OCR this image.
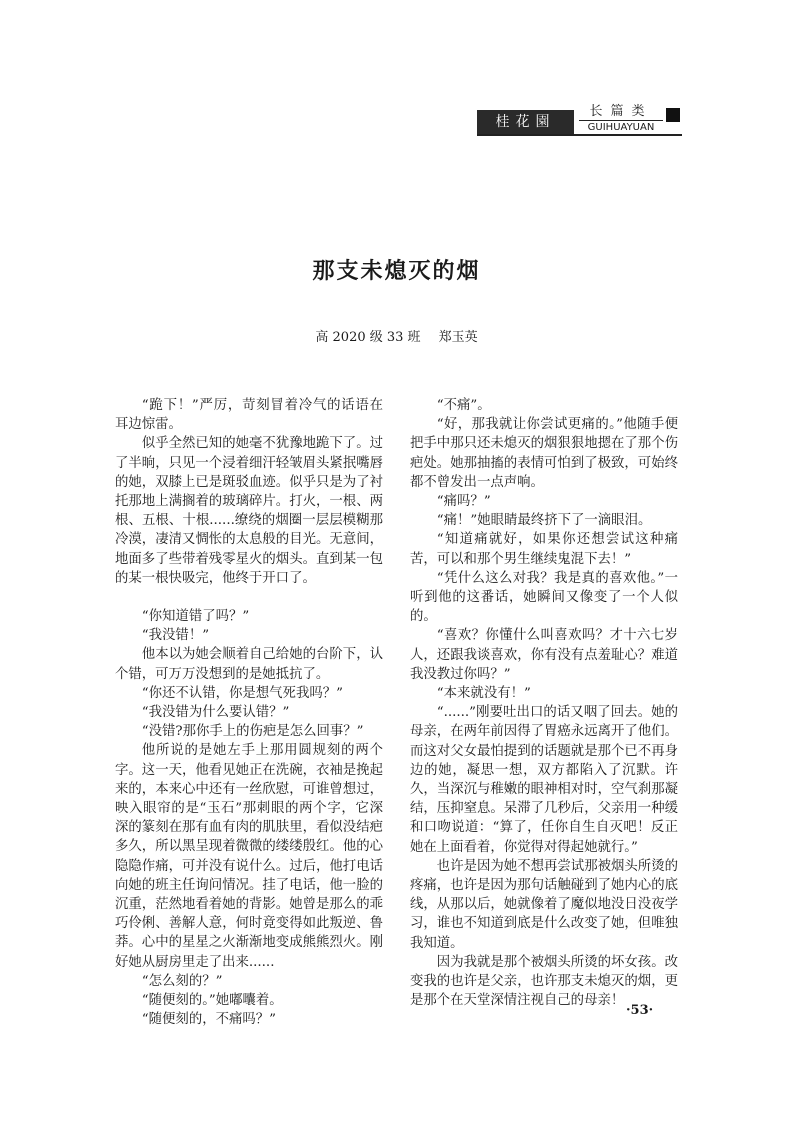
桂花園
长篇类
GUIHUAYUAN
那支未熄灭的烟
高 2020 级 33 班 郑玉英

“跪下！”严厉，苛刻冒着冷气的话语在耳边惊雷。

似乎全然已知的她毫不犹豫地跪下了。过了半晌，只见一个浸着细汗轻皱眉头紧抿嘴唇的她，双膝上已是斑驳血迹。似乎只是为了衬托那地上满搁着的玻璃碎片。打火，一根、两根、五根、十根......缭绕的烟圈一层层模糊那冷漠，凄清又惆怅的太息般的目光。无意间，地面多了些带着残零星火的烟头。直到某一包的某一根快吸完，他终于开口了。

“你知道错了吗？”

“我没错！”

他本以为她会顺着自己给她的台阶下，认个错，可万万没想到的是她抵抗了。

“你还不认错，你是想气死我吗？”

“我没错为什么要认错？”

“没错?那你手上的伤疤是怎么回事？”

他所说的是她左手上那用圆规刻的两个字。这一天，他看见她正在洗碗，衣袖是挽起来的，本来心中还有一丝欣慰，可谁曾想过，映入眼帘的是“玉石”那刺眼的两个字，它深深的篆刻在那有血有肉的肌肤里，看似没结疤多久，所以黑呈现着微微的缕缕殷红。他的心隐隐作痛，可并没有说什么。过后，他打电话向她的班主任询问情况。挂了电话，他一脸的沉重，茫然地看着她的背影。她曾是那么的乖巧伶俐、善解人意，何时竟变得如此叛逆、鲁莽。心中的星星之火渐渐地变成熊熊烈火。刚好她从厨房里走了出来......

“怎么刻的？”

“随便刻的。”她嘟囔着。

“随便刻的，不痛吗？”

“不痛”。

“好，那我就让你尝试更痛的。”他随手便把手中那只还未熄灭的烟狠狠地摁在了那个伤疤处。她那抽搐的表情可怕到了极致，可始终都不曾发出一点声响。

“痛吗？”

“痛！”她眼睛最终挤下了一滴眼泪。

“知道痛就好，如果你还想尝试这种痛苦，可以和那个男生继续鬼混下去！”

“凭什么这么对我？我是真的喜欢他。”一听到他的这番话，她瞬间又像变了一个人似的。

“喜欢？你懂什么叫喜欢吗？才十六七岁人，还跟我谈喜欢，你有没有点羞耻心？难道我没教过你吗？”

“本来就没有！”

“......”刚要吐出口的话又咽了回去。她的母亲，在两年前因得了胃癌永远离开了他们。而这对父女最怕提到的话题就是那个已不再身边的她，凝思一想，双方都陷入了沉默。许久，当深沉与稚嫩的眼神相对时，空气刹那凝结，压抑窒息。呆滞了几秒后，父亲用一种缓和口吻说道：“算了，任你自生自灭吧！反正她在上面看着，你觉得对得起她就行。”

也许是因为她不想再尝试那被烟头所烫的疼痛，也许是因为那句话触碰到了她内心的底线，从那以后，她就像着了魔似地没日没夜学习，谁也不知道到底是什么改变了她，但唯独我知道。

因为我就是那个被烟头所烫的坏女孩。改变我的也许是父亲，也许那支未熄灭的烟，更是那个在天堂深情注视自己的母亲！

·53·
